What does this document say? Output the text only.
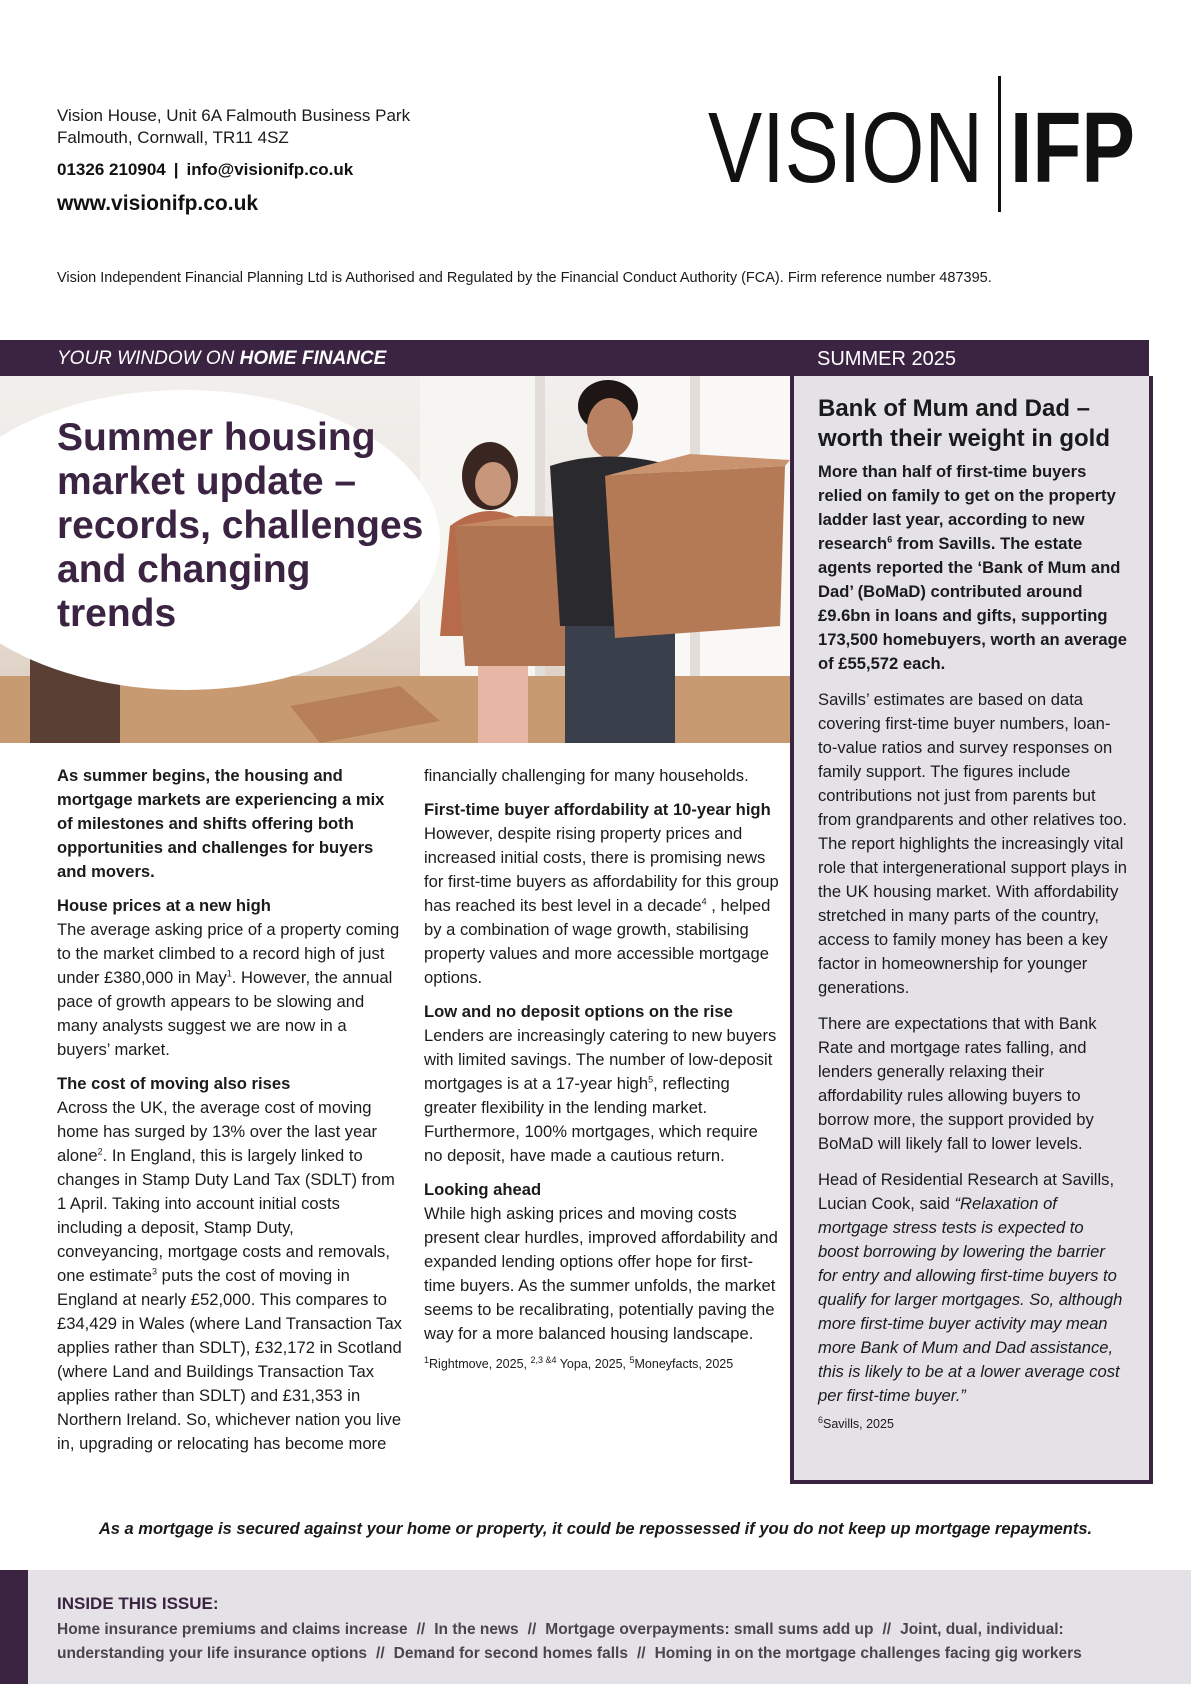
Vision House, Unit 6A Falmouth Business Park
Falmouth, Cornwall, TR11 4SZ
01326 210904 | info@visionifp.co.uk
www.visionifp.co.uk	VISION IFP
Vision Independent Financial Planning Ltd is Authorised and Regulated by the Financial Conduct Authority (FCA). Firm reference number 487395.
YOUR WINDOW ON HOME FINANCE	SUMMER 2025
Summer housing
market update –
records, challenges
and changing trends

As summer begins, the housing and mortgage markets are experiencing a mix of milestones and shifts offering both opportunities and challenges for buyers and movers.

House prices at a new high

The average asking price of a property coming to the market climbed to a record high of just under £380,000 in May$^1$. However, the annual pace of growth appears to be slowing and many analysts suggest we are now in a buyers’ market.

The cost of moving also rises

Across the UK, the average cost of moving home has surged by 13% over the last year alone$^2$. In England, this is largely linked to changes in Stamp Duty Land Tax (SDLT) from 1 April. Taking into account initial costs including a deposit, Stamp Duty, conveyancing, mortgage costs and removals, one estimate$^3$ puts the cost of moving in England at nearly £52,000. This compares to £34,429 in Wales (where Land Transaction Tax applies rather than SDLT), £32,172 in Scotland (where Land and Buildings Transaction Tax applies rather than SDLT) and £31,353 in Northern Ireland. So, whichever nation you live in, upgrading or relocating has become more

financially challenging for many households.

First-time buyer affordability at 10-year high

However, despite rising property prices and increased initial costs, there is promising news for first-time buyers as affordability for this group has reached its best level in a decade$^4$ , helped by a combination of wage growth, stabilising property values and more accessible mortgage options.

Low and no deposit options on the rise

Lenders are increasingly catering to new buyers with limited savings. The number of low-deposit mortgages is at a 17-year high$^5$, reflecting greater flexibility in the lending market. Furthermore, 100% mortgages, which require no deposit, have made a cautious return.

Looking ahead

While high asking prices and moving costs present clear hurdles, improved affordability and expanded lending options offer hope for first-time buyers. As the summer unfolds, the market seems to be recalibrating, potentially paving the way for a more balanced housing landscape.

$^1$Rightmove, 2025, $^{2,3 \&4}$ Yopa, 2025, $^5$Moneyfacts, 2025
Bank of Mum and Dad – worth their weight in gold

More than half of first-time buyers relied on family to get on the property ladder last year, according to new research$^6$ from Savills. The estate agents reported the ‘Bank of Mum and Dad’ (BoMaD) contributed around £9.6bn in loans and gifts, supporting 173,500 homebuyers, worth an average of £55,572 each.

Savills’ estimates are based on data covering first-time buyer numbers, loan-to-value ratios and survey responses on family support. The figures include contributions not just from parents but from grandparents and other relatives too. The report highlights the increasingly vital role that intergenerational support plays in the UK housing market. With affordability stretched in many parts of the country, access to family money has been a key factor in homeownership for younger generations.

There are expectations that with Bank Rate and mortgage rates falling, and lenders generally relaxing their affordability rules allowing buyers to borrow more, the support provided by BoMaD will likely fall to lower levels.

Head of Residential Research at Savills, Lucian Cook, said “Relaxation of mortgage stress tests is expected to boost borrowing by lowering the barrier for entry and allowing first-time buyers to qualify for larger mortgages. So, although more first-time buyer activity may mean more Bank of Mum and Dad assistance, this is likely to be at a lower average cost per first-time buyer.”

$^6$Savills, 2025
As a mortgage is secured against your home or property, it could be repossessed if you do not keep up mortgage repayments.
INSIDE THIS ISSUE:
Home insurance premiums and claims increase // In the news // Mortgage overpayments: small sums add up // Joint, dual, individual: understanding your life insurance options // Demand for second homes falls // Homing in on the mortgage challenges facing gig workers
